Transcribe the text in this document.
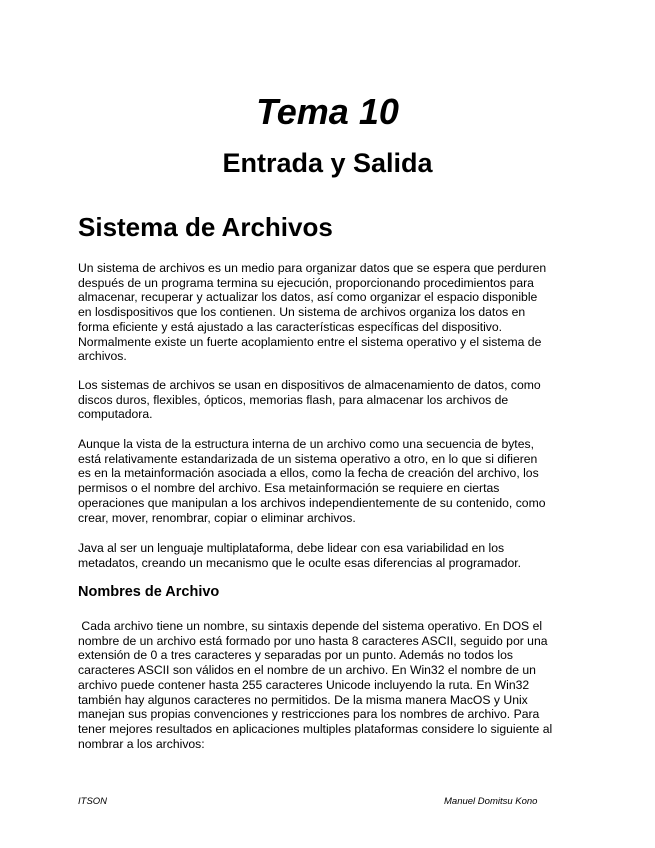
Tema 10
Entrada y Salida
Sistema de Archivos

Un sistema de archivos es un medio para organizar datos que se espera que perduren
después de un programa termina su ejecución, proporcionando procedimientos para
almacenar, recuperar y actualizar los datos, así como organizar el espacio disponible
en losdispositivos que los contienen. Un sistema de archivos organiza los datos en
forma eficiente y está ajustado a las características específicas del dispositivo.
Normalmente existe un fuerte acoplamiento entre el sistema operativo y el sistema de
archivos.

Los sistemas de archivos se usan en dispositivos de almacenamiento de datos, como
discos duros, flexibles, ópticos, memorias flash, para almacenar los archivos de
computadora.

Aunque la vista de la estructura interna de un archivo como una secuencia de bytes,
está relativamente estandarizada de un sistema operativo a otro, en lo que si difieren
es en la metainformación asociada a ellos, como la fecha de creación del archivo, los
permisos o el nombre del archivo. Esa metainformación se requiere en ciertas
operaciones que manipulan a los archivos independientemente de su contenido, como
crear, mover, renombrar, copiar o eliminar archivos.

Java al ser un lenguaje multiplataforma, debe lidear con esa variabilidad en los
metadatos, creando un mecanismo que le oculte esas diferencias al programador.

Nombres de Archivo

Cada archivo tiene un nombre, su sintaxis depende del sistema operativo. En DOS el
nombre de un archivo está formado por uno hasta 8 caracteres ASCII, seguido por una
extensión de 0 a tres caracteres y separadas por un punto. Además no todos los
caracteres ASCII son válidos en el nombre de un archivo. En Win32 el nombre de un
archivo puede contener hasta 255 caracteres Unicode incluyendo la ruta. En Win32
también hay algunos caracteres no permitidos. De la misma manera MacOS y Unix
manejan sus propias convenciones y restricciones para los nombres de archivo. Para
tener mejores resultados en aplicaciones multiples plataformas considere lo siguiente al
nombrar a los archivos:

ITSON	Manuel Domitsu Kono
